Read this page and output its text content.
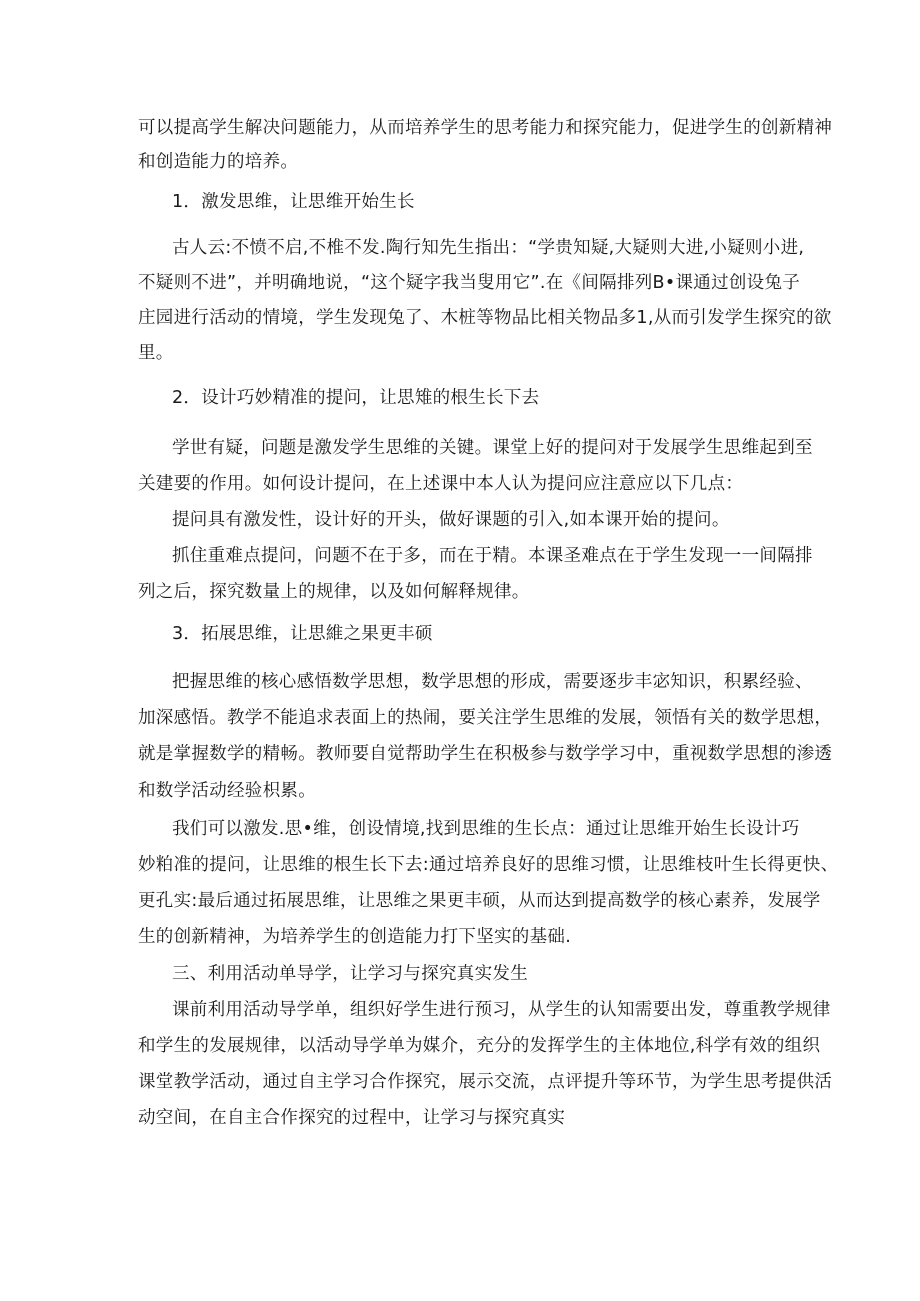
可以提高学生解决问题能力，从而培养学生的思考能力和探究能力，促进学生的创新精神
和创造能力的培养。
1．激发思维，让思维开始生长
古人云:不愤不启,不椎不发.陶行知先生指出：“学贵知疑,大疑则大进,小疑则小进,
不疑则不进”，并明确地说，“这个疑字我当叟用它”.在《间隔排列B•课通过创设兔子
庄园进行活动的情境，学生发现兔了、木桩等物品比相关物品多1,从而引发学生探究的欲
里。
2．设计巧妙精准的提问，让思雉的根生长下去
学世有疑，问题是激发学生思维的关键。课堂上好的提问对于发展学生思维起到至
关建要的作用。如何设计提问，在上述课中本人认为提问应注意应以下几点：
提问具有激发性，设计好的开头，做好课题的引入,如本课开始的提问。
抓住重难点提问，问题不在于多，而在于精。本课圣难点在于学生发现一一间隔排
列之后，探究数量上的规律，以及如何解释规律。
3．拓展思维，让思維之果更丰硕
把握思维的核心感悟数学思想，数学思想的形成，需要逐步丰宓知识，积累经验、
加深感悟。教学不能追求表面上的热闹，要关注学生思维的发展，领悟有关的数学思想，
就是掌握数学的精畅。教师要自觉帮助学生在积极参与数学学习中，重视数学思想的渗透
和数学活动经验枳累。
我们可以激发.思•维，创设情境,找到思维的生长点：通过让思维开始生长设计巧
妙粕准的提问，让思维的根生长下去:通过培养良好的思维习惯，让思维枝叶生长得更快、
更孔实:最后通过拓展思维，让思维之果更丰硕，从而达到提高数学的核心素养，发展学
生的创新精神，为培养学生的创造能力打下坚实的基础.
三、利用活动单导学，让学习与探究真实发生
课前利用活动导学单，组织好学生进行预习，从学生的认知需要出发，尊重教学规律
和学生的发展规律，以活动导学单为媒介，充分的发挥学生的主体地位,科学有效的组织
课堂教学活动，通过自主学习合作探究，展示交流，点评提升等环节，为学生思考提供活
动空间，在自主合作探究的过程中，让学习与探究真实
